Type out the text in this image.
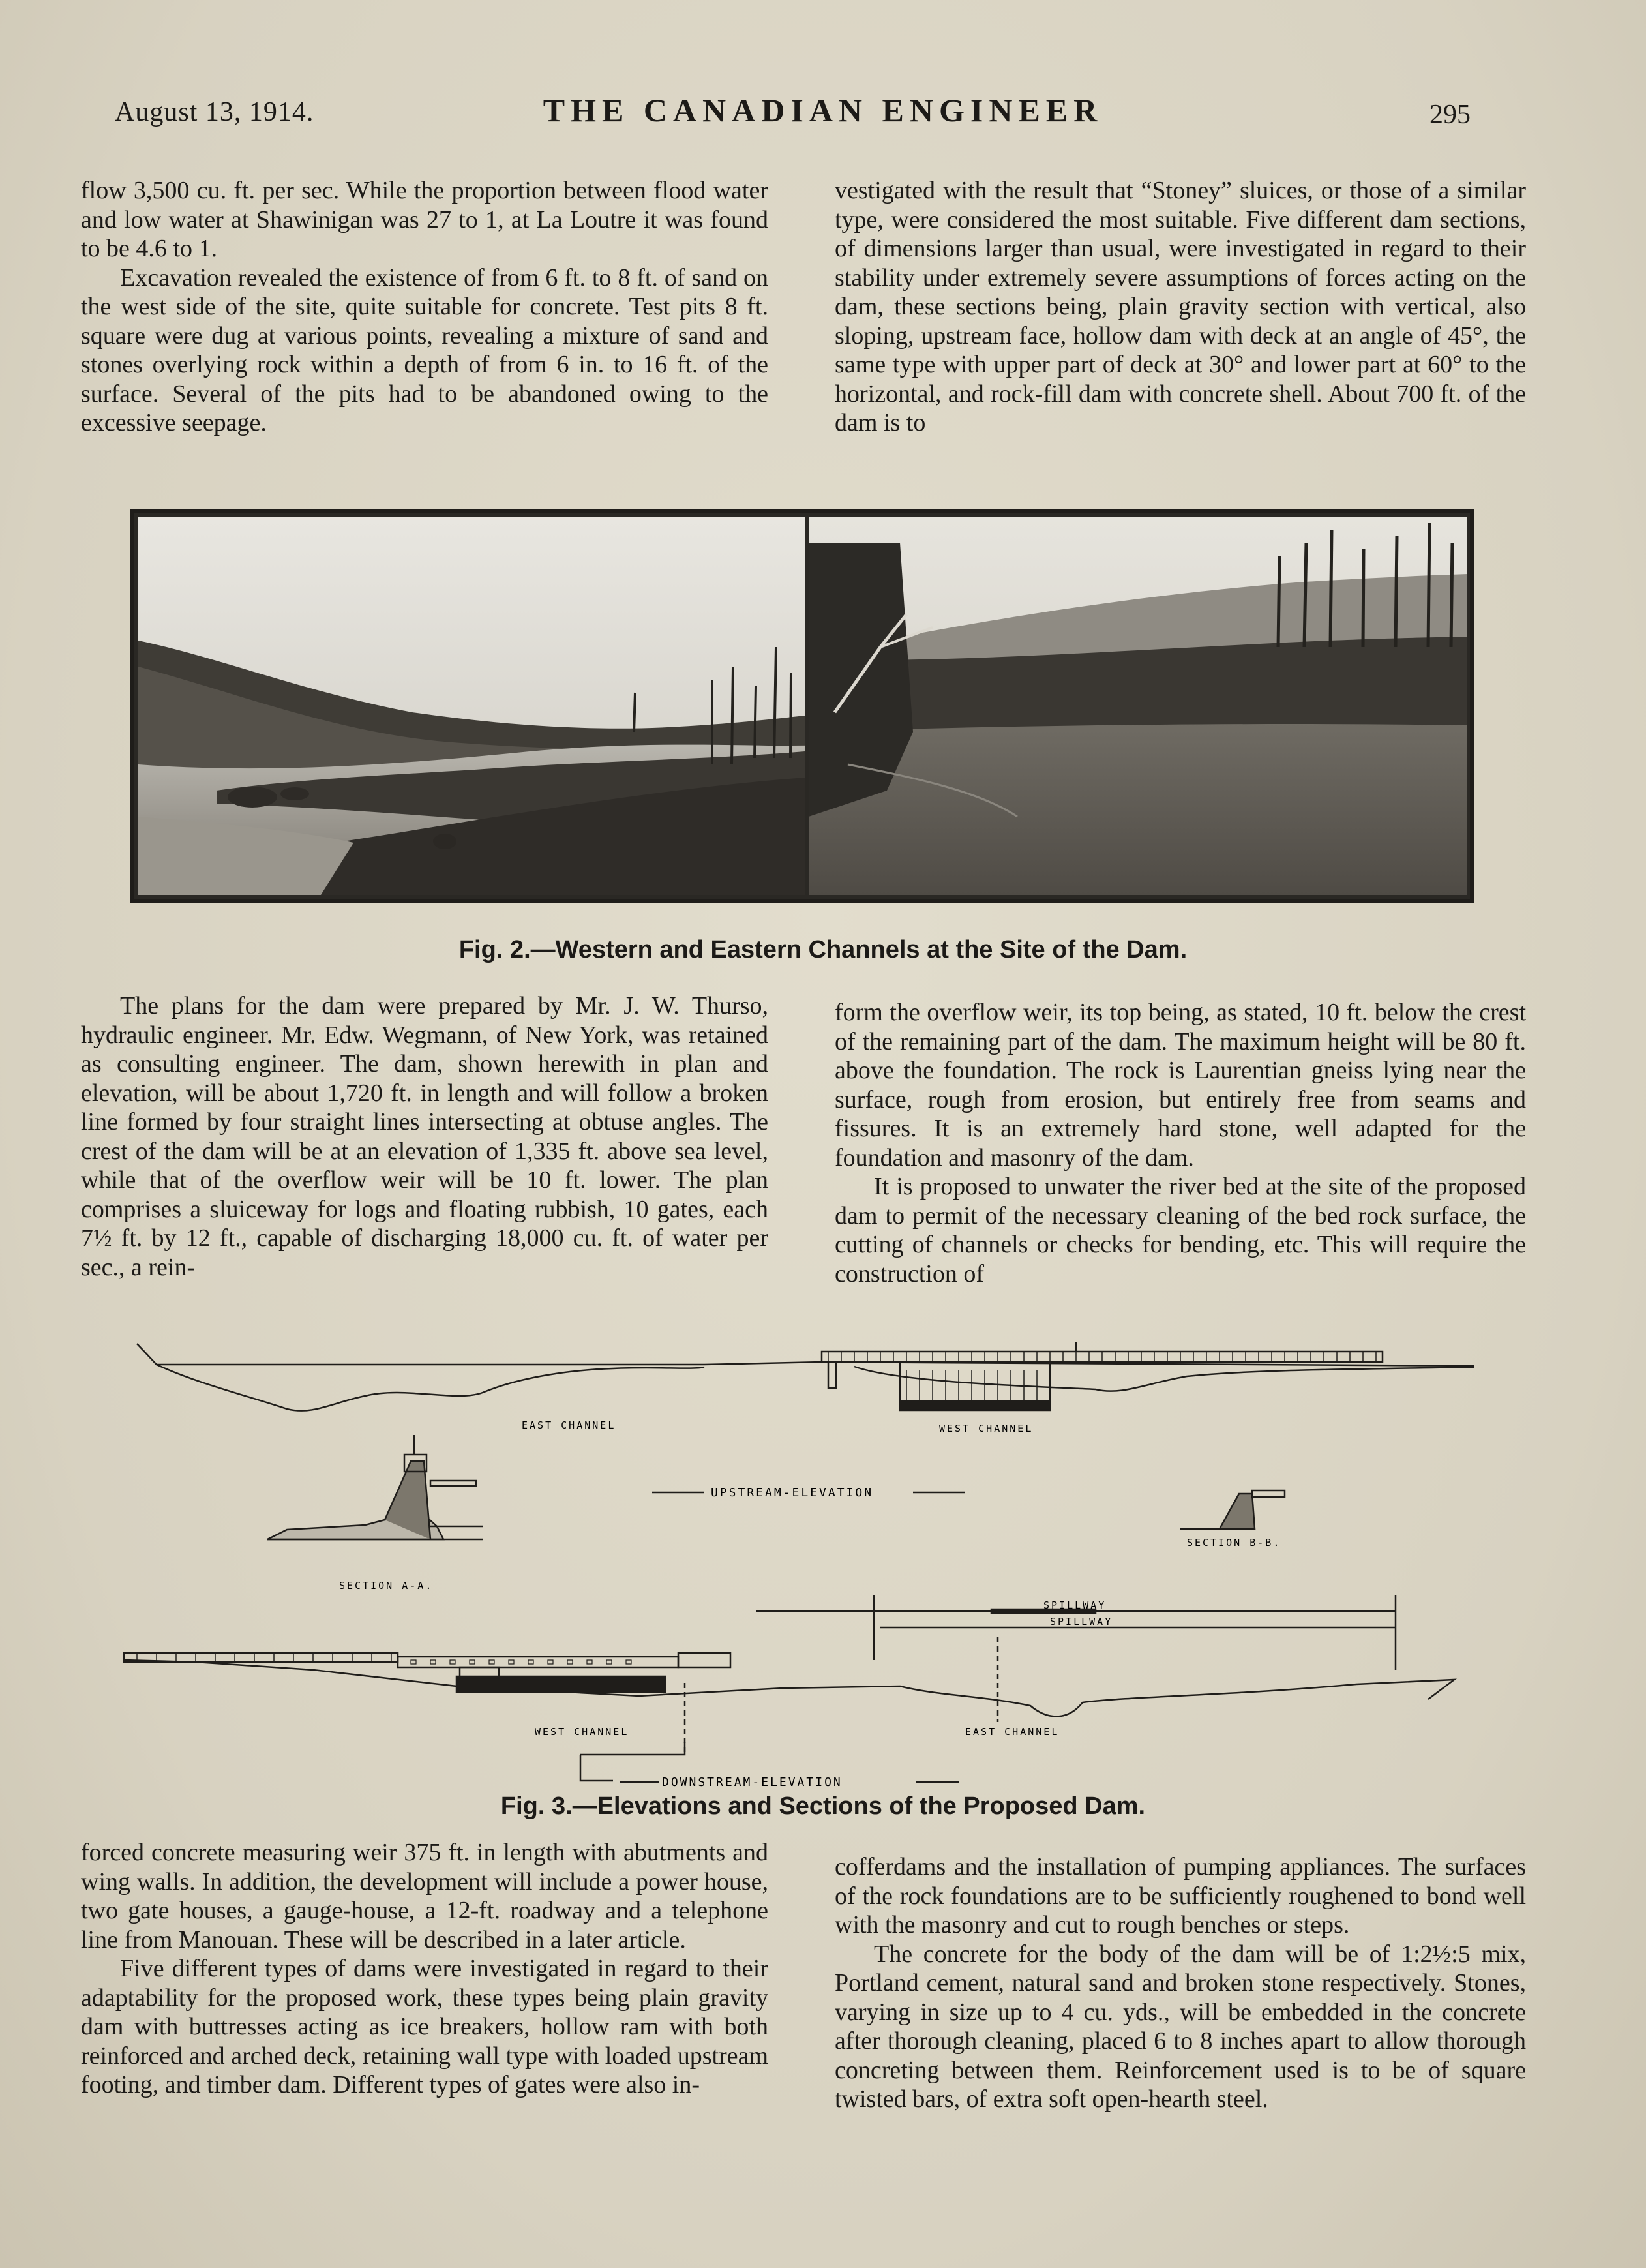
August 13, 1914.	THE CANADIAN ENGINEER	295

flow 3,500 cu. ft. per sec. While the proportion between flood water and low water at Shawinigan was 27 to 1, at La Loutre it was found to be 4.6 to 1.

Excavation revealed the existence of from 6 ft. to 8 ft. of sand on the west side of the site, quite suitable for concrete. Test pits 8 ft. square were dug at various points, revealing a mixture of sand and stones overlying rock within a depth of from 6 in. to 16 ft. of the surface. Several of the pits had to be abandoned owing to the excessive seepage.

vestigated with the result that “Stoney” sluices, or those of a similar type, were considered the most suitable. Five different dam sections, of dimensions larger than usual, were investigated in regard to their stability under extremely severe assumptions of forces acting on the dam, these sections being, plain gravity section with vertical, also sloping, upstream face, hollow dam with deck at an angle of 45°, the same type with upper part of deck at 30° and lower part at 60° to the horizontal, and rock-fill dam with concrete shell. About 700 ft. of the dam is to

Fig. 2.—Western and Eastern Channels at the Site of the Dam.

The plans for the dam were prepared by Mr. J. W. Thurso, hydraulic engineer. Mr. Edw. Wegmann, of New York, was retained as consulting engineer. The dam, shown herewith in plan and elevation, will be about 1,720 ft. in length and will follow a broken line formed by four straight lines intersecting at obtuse angles. The crest of the dam will be at an elevation of 1,335 ft. above sea level, while that of the overflow weir will be 10 ft. lower. The plan comprises a sluiceway for logs and floating rubbish, 10 gates, each 7½ ft. by 12 ft., capable of discharging 18,000 cu. ft. of water per sec., a rein-

form the overflow weir, its top being, as stated, 10 ft. below the crest of the remaining part of the dam. The maximum height will be 80 ft. above the foundation. The rock is Laurentian gneiss lying near the surface, rough from erosion, but entirely free from seams and fissures. It is an extremely hard stone, well adapted for the foundation and masonry of the dam.

It is proposed to unwater the river bed at the site of the proposed dam to permit of the necessary cleaning of the bed rock surface, the cutting of channels or checks for bending, etc. This will require the construction of

EAST CHANNEL	WEST CHANNEL
UPSTREAM-ELEVATION
SECTION A-A.
SECTION B-B.
SPILLWAY
SPILLWAY
WEST CHANNEL	EAST CHANNEL
DOWNSTREAM-ELEVATION
Fig. 3.—Elevations and Sections of the Proposed Dam.

forced concrete measuring weir 375 ft. in length with abutments and wing walls. In addition, the development will include a power house, two gate houses, a gauge-house, a 12-ft. roadway and a telephone line from Manouan. These will be described in a later article.

Five different types of dams were investigated in regard to their adaptability for the proposed work, these types being plain gravity dam with buttresses acting as ice breakers, hollow ram with both reinforced and arched deck, retaining wall type with loaded upstream footing, and timber dam. Different types of gates were also in-

cofferdams and the installation of pumping appliances. The surfaces of the rock foundations are to be sufficiently roughened to bond well with the masonry and cut to rough benches or steps.

The concrete for the body of the dam will be of 1:2½:5 mix, Portland cement, natural sand and broken stone respectively. Stones, varying in size up to 4 cu. yds., will be embedded in the concrete after thorough cleaning, placed 6 to 8 inches apart to allow thorough concreting between them. Reinforcement used is to be of square twisted bars, of extra soft open-hearth steel.
